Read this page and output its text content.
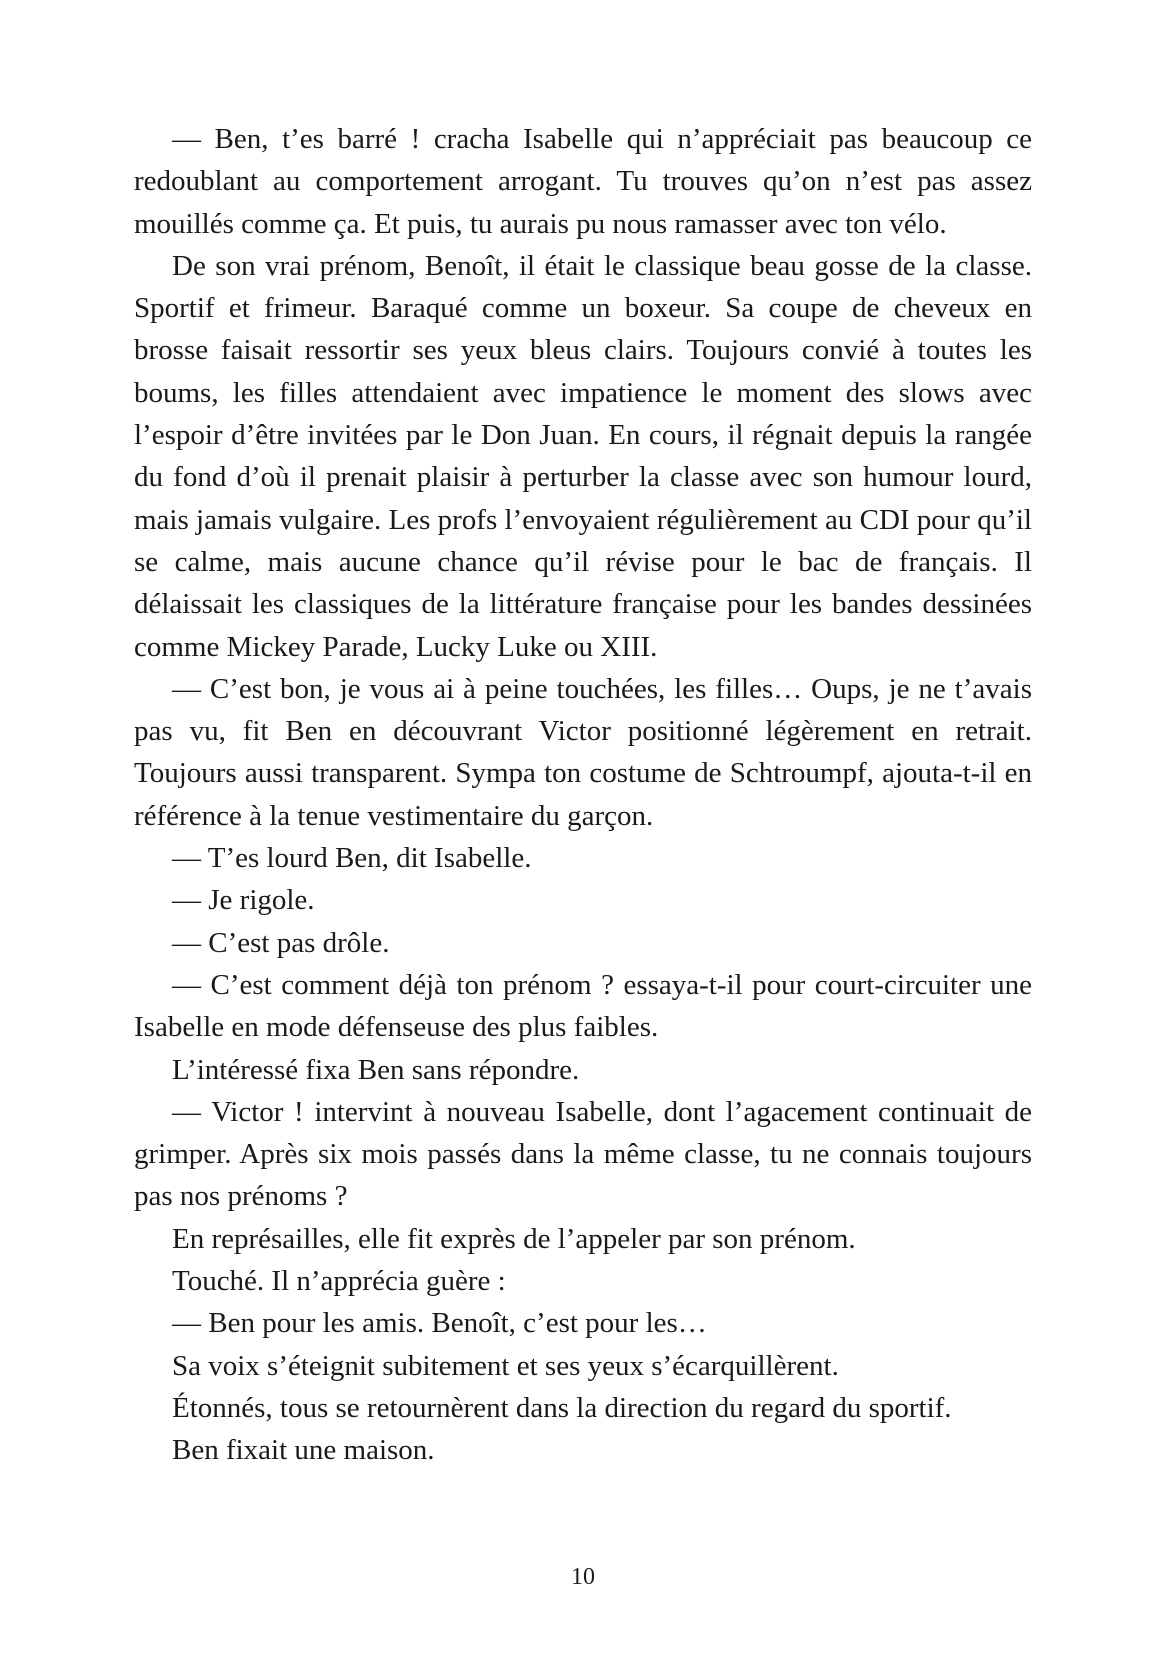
— Ben, t’es barré ! cracha Isabelle qui n’appréciait pas beaucoup ce redoublant au comportement arrogant. Tu trouves qu’on n’est pas assez mouillés comme ça. Et puis, tu aurais pu nous ramasser avec ton vélo.

De son vrai prénom, Benoît, il était le classique beau gosse de la classe. Sportif et frimeur. Baraqué comme un boxeur. Sa coupe de cheveux en brosse faisait ressortir ses yeux bleus clairs. Toujours convié à toutes les boums, les filles attendaient avec impatience le moment des slows avec l’espoir d’être invitées par le Don Juan. En cours, il régnait depuis la rangée du fond d’où il prenait plaisir à perturber la classe avec son humour lourd, mais jamais vulgaire. Les profs l’envoyaient régulièrement au CDI pour qu’il se calme, mais aucune chance qu’il révise pour le bac de français. Il délaissait les classiques de la littérature française pour les bandes dessinées comme Mickey Parade, Lucky Luke ou XIII.

— C’est bon, je vous ai à peine touchées, les filles… Oups, je ne t’avais pas vu, fit Ben en découvrant Victor positionné légèrement en retrait. Toujours aussi transparent. Sympa ton costume de Schtroumpf, ajouta-t-il en référence à la tenue vestimentaire du garçon.

— T’es lourd Ben, dit Isabelle.

— Je rigole.

— C’est pas drôle.

— C’est comment déjà ton prénom ? essaya-t-il pour court-circuiter une Isabelle en mode défenseuse des plus faibles.

L’intéressé fixa Ben sans répondre.

— Victor ! intervint à nouveau Isabelle, dont l’agacement continuait de grimper. Après six mois passés dans la même classe, tu ne connais toujours pas nos prénoms ?

En représailles, elle fit exprès de l’appeler par son prénom.

Touché. Il n’apprécia guère :

— Ben pour les amis. Benoît, c’est pour les…

Sa voix s’éteignit subitement et ses yeux s’écarquillèrent.

Étonnés, tous se retournèrent dans la direction du regard du sportif.

Ben fixait une maison.

10
